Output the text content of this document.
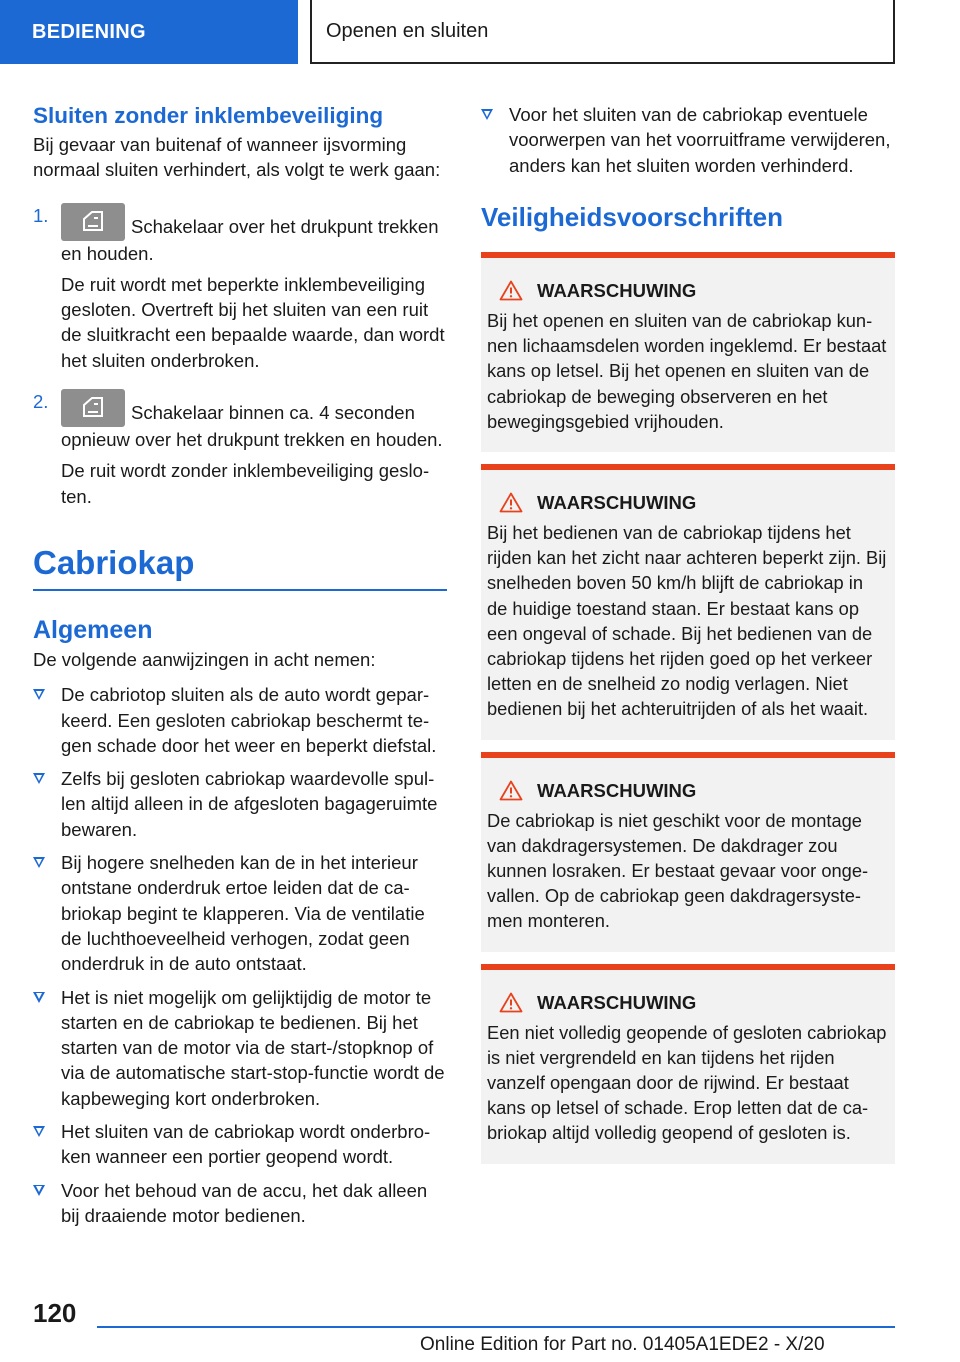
BEDIENING	Openen en sluiten
Sluiten zonder inklembeveiliging

Bij gevaar van buitenaf of wanneer ijsvorming normaal sluiten verhindert, als volgt te werk gaan:

1.

Schakelaar over het drukpunt trekken en houden.

De ruit wordt met beperkte inklembeveiliging gesloten. Overtreft bij het sluiten van een ruit de sluitkracht een bepaalde waarde, dan wordt het sluiten onderbroken.

2.

Schakelaar binnen ca. 4 seconden opnieuw over het drukpunt trekken en houden.

De ruit wordt zonder inklembeveiliging gesloten.

Cabriokap
Algemeen

De volgende aanwijzingen in acht nemen:

De cabriotop sluiten als de auto wordt geparkeerd. Een gesloten cabriokap beschermt tegen schade door het weer en beperkt diefstal.

Zelfs bij gesloten cabriokap waardevolle spullen altijd alleen in de afgesloten bagageruimte bewaren.

Bij hogere snelheden kan de in het interieur ontstane onderdruk ertoe leiden dat de cabriokap begint te klapperen. Via de ventilatie de luchthoeveelheid verhogen, zodat geen onderdruk in de auto ontstaat.

Het is niet mogelijk om gelijktijdig de motor te starten en de cabriokap te bedienen. Bij het starten van de motor via de start-/stopknop of via de automatische start-stop-functie wordt de kapbeweging kort onderbroken.

Het sluiten van de cabriokap wordt onderbroken wanneer een portier geopend wordt.

Voor het behoud van de accu, het dak alleen bij draaiende motor bedienen.

Voor het sluiten van de cabriokap eventuele voorwerpen van het voorruitframe verwijderen, anders kan het sluiten worden verhinderd.

Veiligheidsvoorschriften
WAARSCHUWING

Bij het openen en sluiten van de cabriokap kunnen lichaamsdelen worden ingeklemd. Er bestaat kans op letsel. Bij het openen en sluiten van de cabriokap de beweging observeren en het bewegingsgebied vrijhouden.

WAARSCHUWING

Bij het bedienen van de cabriokap tijdens het rijden kan het zicht naar achteren beperkt zijn. Bij snelheden boven 50 km/h blijft de cabriokap in de huidige toestand staan. Er bestaat kans op een ongeval of schade. Bij het bedienen van de cabriokap tijdens het rijden goed op het verkeer letten en de snelheid zo nodig verlagen. Niet bedienen bij het achteruitrijden of als het waait.

WAARSCHUWING

De cabriokap is niet geschikt voor de montage van dakdragersystemen. De dakdrager zou kunnen losraken. Er bestaat gevaar voor ongevallen. Op de cabriokap geen dakdragersystemen monteren.

WAARSCHUWING

Een niet volledig geopende of gesloten cabriokap is niet vergrendeld en kan tijdens het rijden vanzelf opengaan door de rijwind. Er bestaat kans op letsel of schade. Erop letten dat de cabriokap altijd volledig geopend of gesloten is.

120
Online Edition for Part no. 01405A1EDE2 - X/20
